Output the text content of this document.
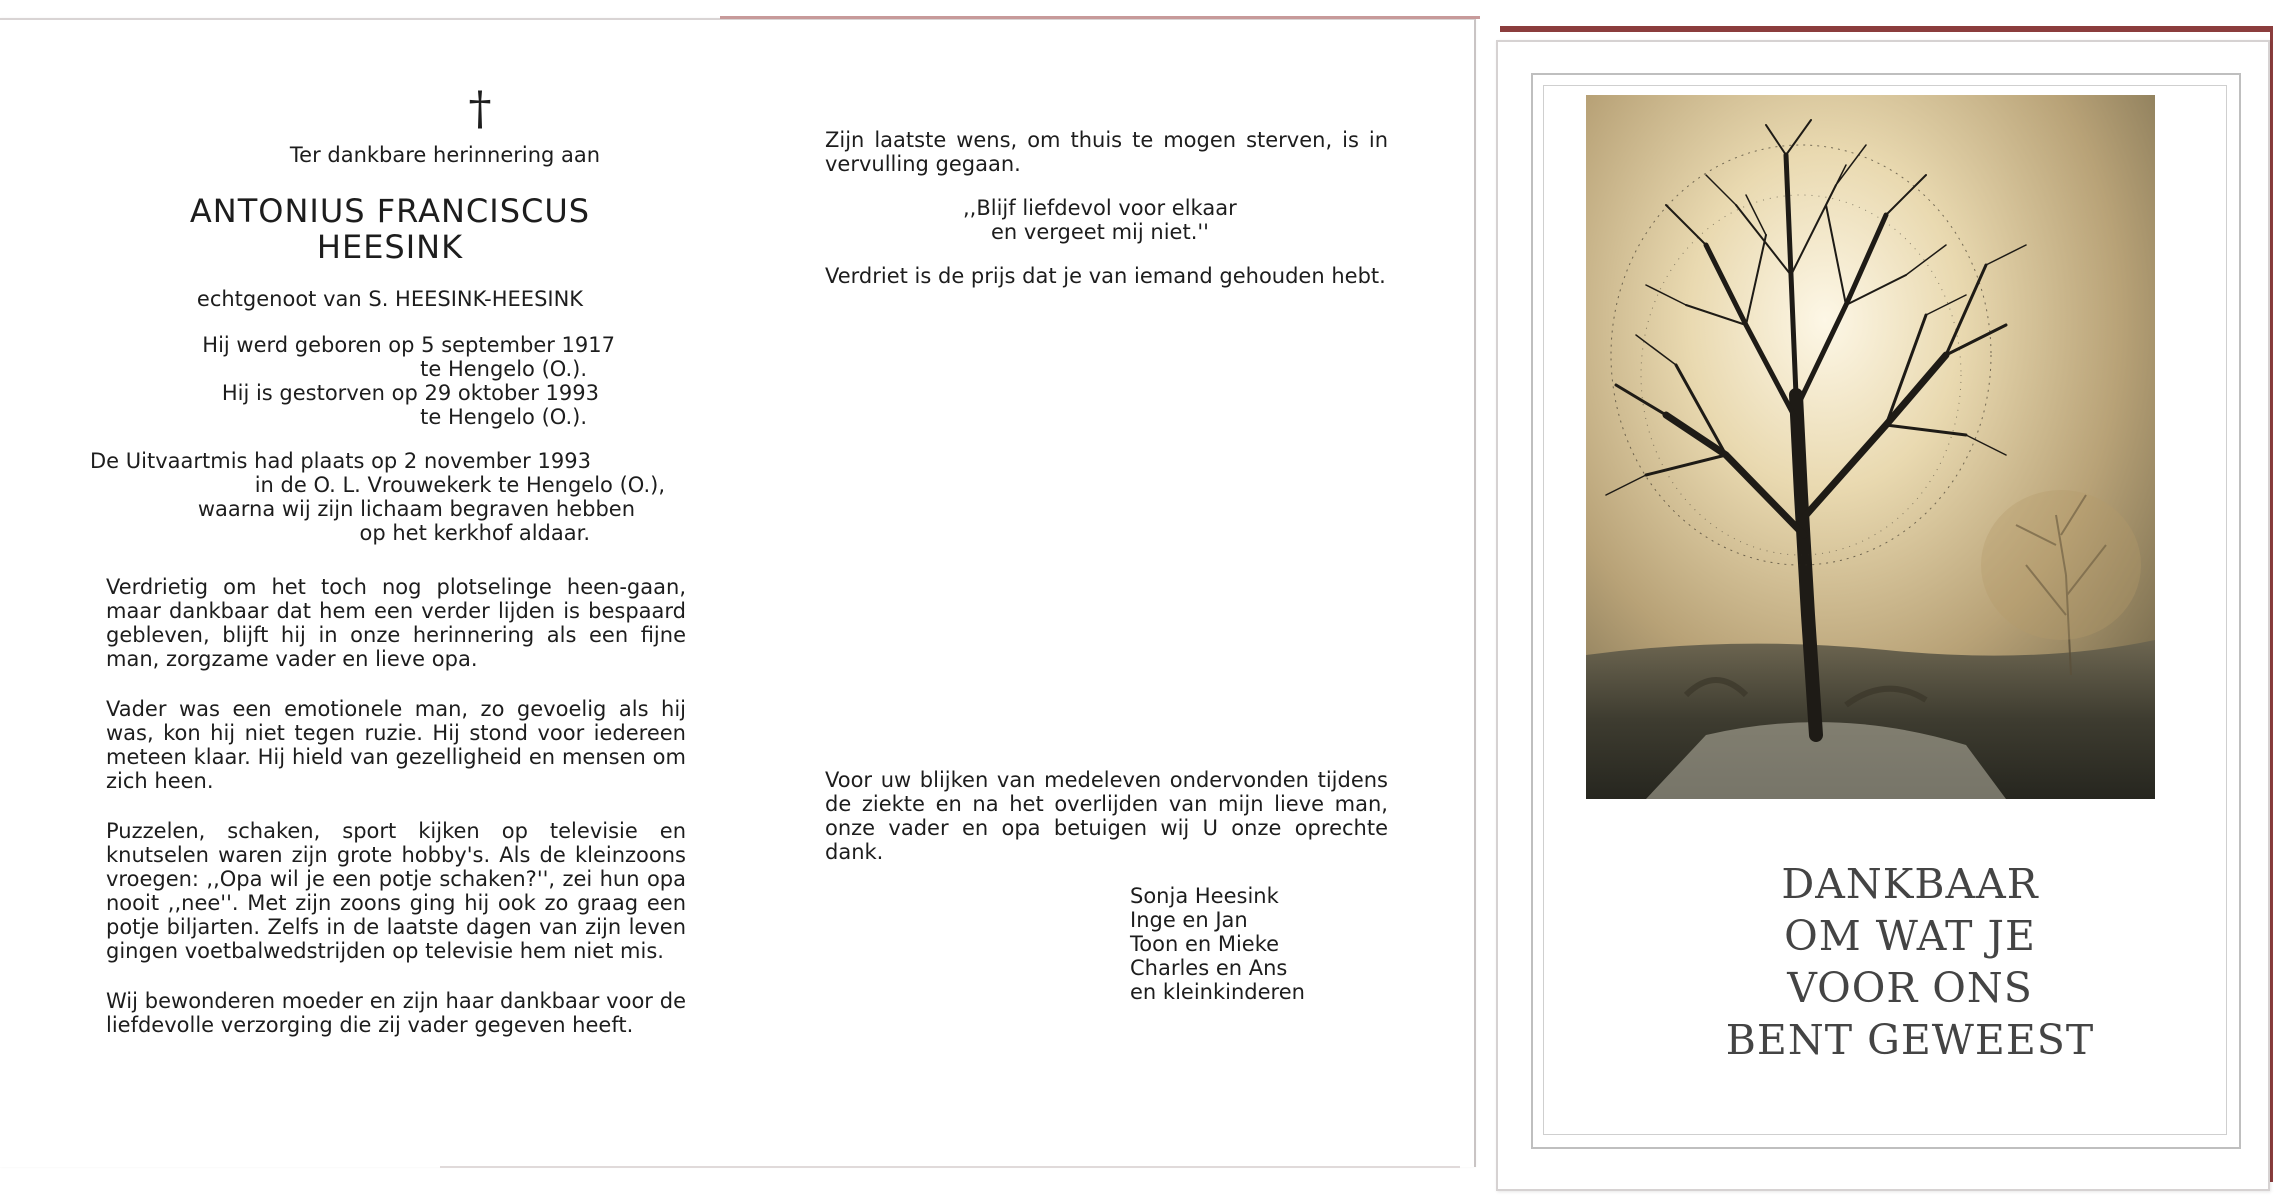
†
Ter dankbare herinnering aan
ANTONIUS FRANCISCUS
HEESINK
echtgenoot van S. HEESINK-HEESINK
Hij werd geboren op 5 september 1917
te Hengelo (O.).
Hij is gestorven op 29 oktober 1993
te Hengelo (O.).
De Uitvaartmis had plaats op 2 november 1993
in de O. L. Vrouwekerk te Hengelo (O.),
waarna wij zijn lichaam begraven hebben
op het kerkhof aldaar.
Verdrietig om het toch nog plotselinge heen-gaan, maar dankbaar dat hem een verder lijden is bespaard gebleven, blijft hij in onze herinnering als een fijne man, zorgzame vader en lieve opa.
Vader was een emotionele man, zo gevoelig als hij was, kon hij niet tegen ruzie. Hij stond voor iedereen meteen klaar. Hij hield van gezelligheid en mensen om zich heen.
Puzzelen, schaken, sport kijken op televisie en knutselen waren zijn grote hobby's. Als de kleinzoons vroegen: ,,Opa wil je een potje schaken?'', zei hun opa nooit ,,nee''. Met zijn zoons ging hij ook zo graag een potje biljarten. Zelfs in de laatste dagen van zijn leven gingen voetbalwedstrijden op televisie hem niet mis.
Wij bewonderen moeder en zijn haar dankbaar voor de liefdevolle verzorging die zij vader gegeven heeft.
Zijn laatste wens, om thuis te mogen sterven, is in vervulling gegaan.
,,Blijf liefdevol voor elkaar
en vergeet mij niet.''
Verdriet is de prijs dat je van iemand gehouden hebt.
Voor uw blijken van medeleven ondervonden tijdens de ziekte en na het overlijden van mijn lieve man, onze vader en opa betuigen wij U onze oprechte dank.
Sonja Heesink
Inge en Jan
Toon en Mieke
Charles en Ans
en kleinkinderen
DANKBAAR
OM WAT JE
VOOR ONS
BENT GEWEEST
